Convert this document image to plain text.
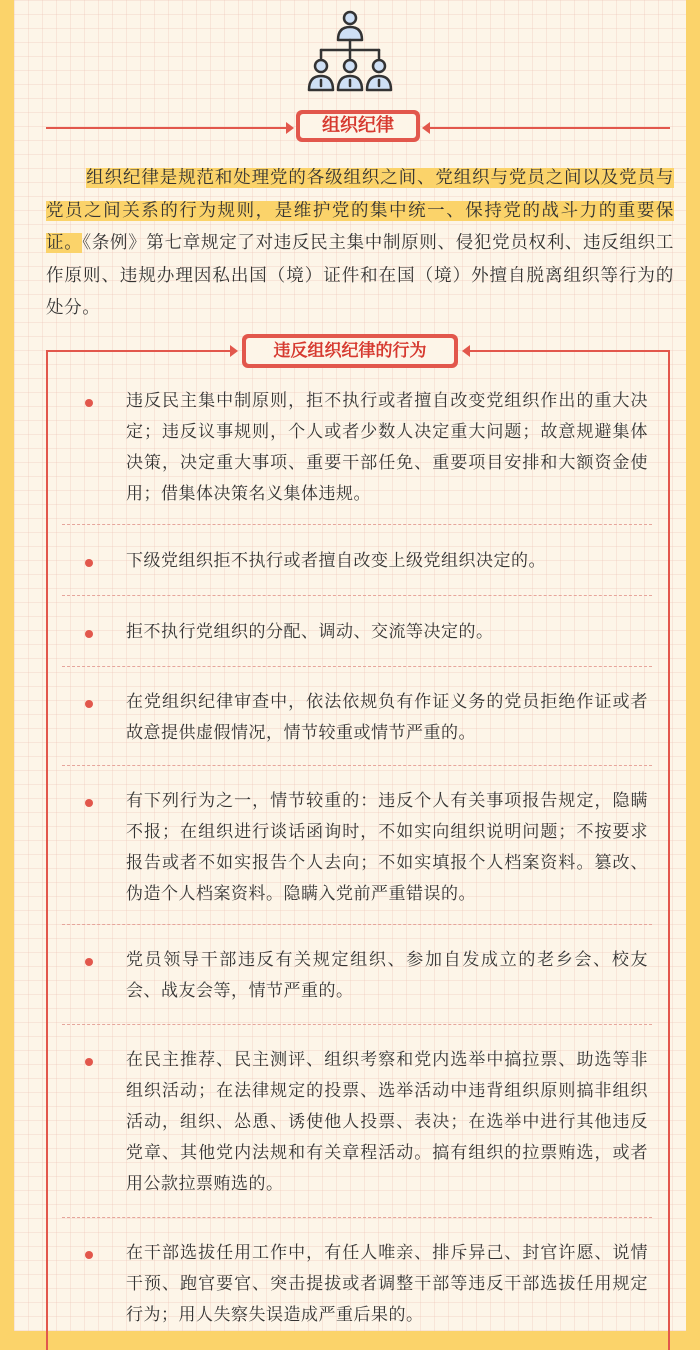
组织纪律
组织纪律是规范和处理党的各级组织之间、党组织与党员之间以及党员与党员之间关系的行为规则，是维护党的集中统一、保持党的战斗力的重要保证。《条例》第七章规定了对违反民主集中制原则、侵犯党员权利、违反组织工作原则、违规办理因私出国（境）证件和在国（境）外擅自脱离组织等行为的处分。
违反组织纪律的行为
违反民主集中制原则，拒不执行或者擅自改变党组织作出的重大决定；违反议事规则，个人或者少数人决定重大问题；故意规避集体决策，决定重大事项、重要干部任免、重要项目安排和大额资金使用；借集体决策名义集体违规。
下级党组织拒不执行或者擅自改变上级党组织决定的。
拒不执行党组织的分配、调动、交流等决定的。
在党组织纪律审查中，依法依规负有作证义务的党员拒绝作证或者故意提供虚假情况，情节较重或情节严重的。
有下列行为之一，情节较重的：违反个人有关事项报告规定，隐瞒不报；在组织进行谈话函询时，不如实向组织说明问题；不按要求报告或者不如实报告个人去向；不如实填报个人档案资料。篡改、伪造个人档案资料。隐瞒入党前严重错误的。
党员领导干部违反有关规定组织、参加自发成立的老乡会、校友会、战友会等，情节严重的。
在民主推荐、民主测评、组织考察和党内选举中搞拉票、助选等非组织活动；在法律规定的投票、选举活动中违背组织原则搞非组织活动，组织、怂恿、诱使他人投票、表决；在选举中进行其他违反党章、其他党内法规和有关章程活动。搞有组织的拉票贿选，或者用公款拉票贿选的。
在干部选拔任用工作中，有任人唯亲、排斥异己、封官许愿、说情干预、跑官要官、突击提拔或者调整干部等违反干部选拔任用规定行为；用人失察失误造成严重后果的。
